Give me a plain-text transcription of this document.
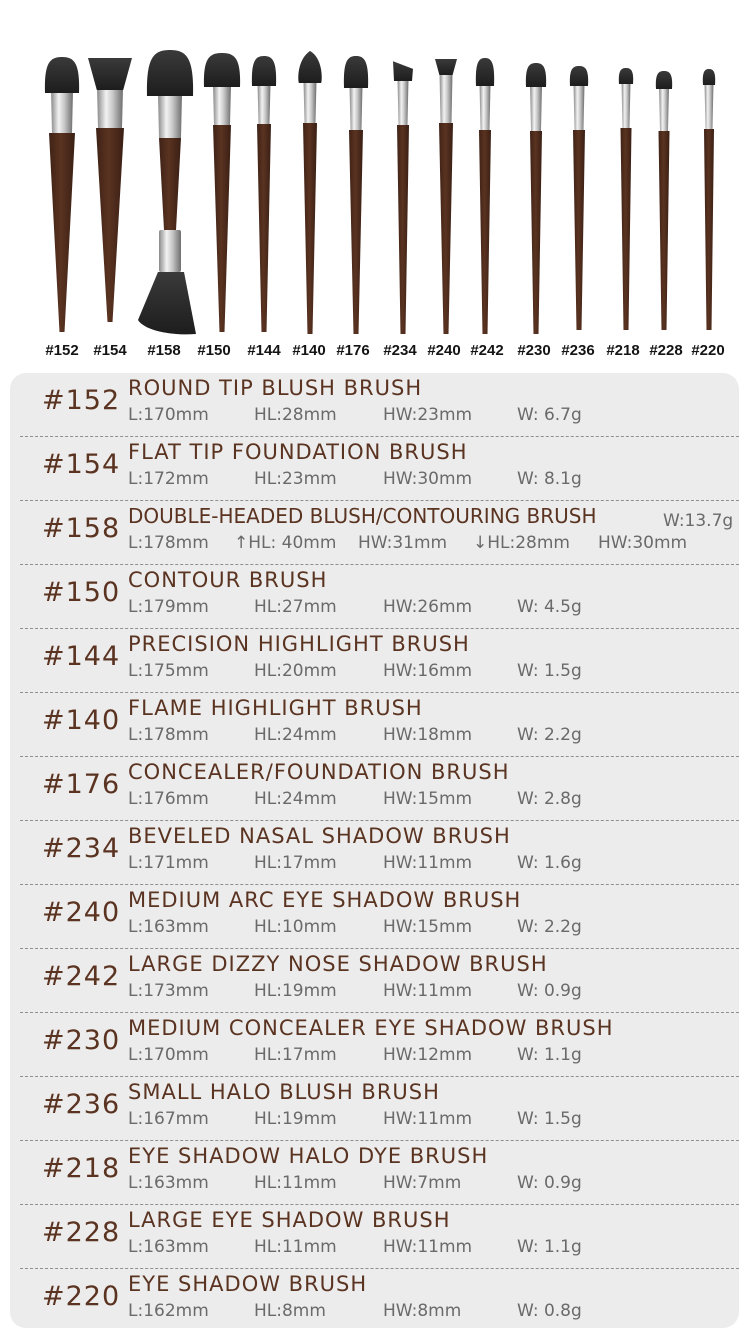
#152 #154 #158 #150 #144 #140 #176 #234 #240 #242 #230 #236 #218 #228 #220
#152 ROUND TIP BLUSH BRUSH
L:170mm	HL:28mm	HW:23mm	W: 6.7g
#154 FLAT TIP FOUNDATION BRUSH
L:172mm	HL:23mm	HW:30mm	W: 8.1g
#158 DOUBLE-HEADED BLUSH/CONTOURING BRUSH
L:178mm ↑HL: 40mm HW:31mm ↓HL:28mm HW:30mm
W:13.7g
#150 CONTOUR BRUSH
L:179mm	HL:27mm	HW:26mm	W: 4.5g
#144 PRECISION HIGHLIGHT BRUSH
L:175mm	HL:20mm	HW:16mm	W: 1.5g
#140 FLAME HIGHLIGHT BRUSH
L:178mm	HL:24mm	HW:18mm	W: 2.2g
#176 CONCEALER/FOUNDATION BRUSH
L:176mm	HL:24mm	HW:15mm	W: 2.8g
#234 BEVELED NASAL SHADOW BRUSH
L:171mm	HL:17mm	HW:11mm	W: 1.6g
#240 MEDIUM ARC EYE SHADOW BRUSH
L:163mm	HL:10mm	HW:15mm	W: 2.2g
#242 LARGE DIZZY NOSE SHADOW BRUSH
L:173mm	HL:19mm	HW:11mm	W: 0.9g
#230 MEDIUM CONCEALER EYE SHADOW BRUSH
L:170mm	HL:17mm	HW:12mm	W: 1.1g
#236 SMALL HALO BLUSH BRUSH
L:167mm	HL:19mm	HW:11mm	W: 1.5g
#218 EYE SHADOW HALO DYE BRUSH
L:163mm	HL:11mm	HW:7mm	W: 0.9g
#228 LARGE EYE SHADOW BRUSH
L:163mm	HL:11mm	HW:11mm	W: 1.1g
#220 EYE SHADOW BRUSH
L:162mm	HL:8mm	HW:8mm	W: 0.8g
